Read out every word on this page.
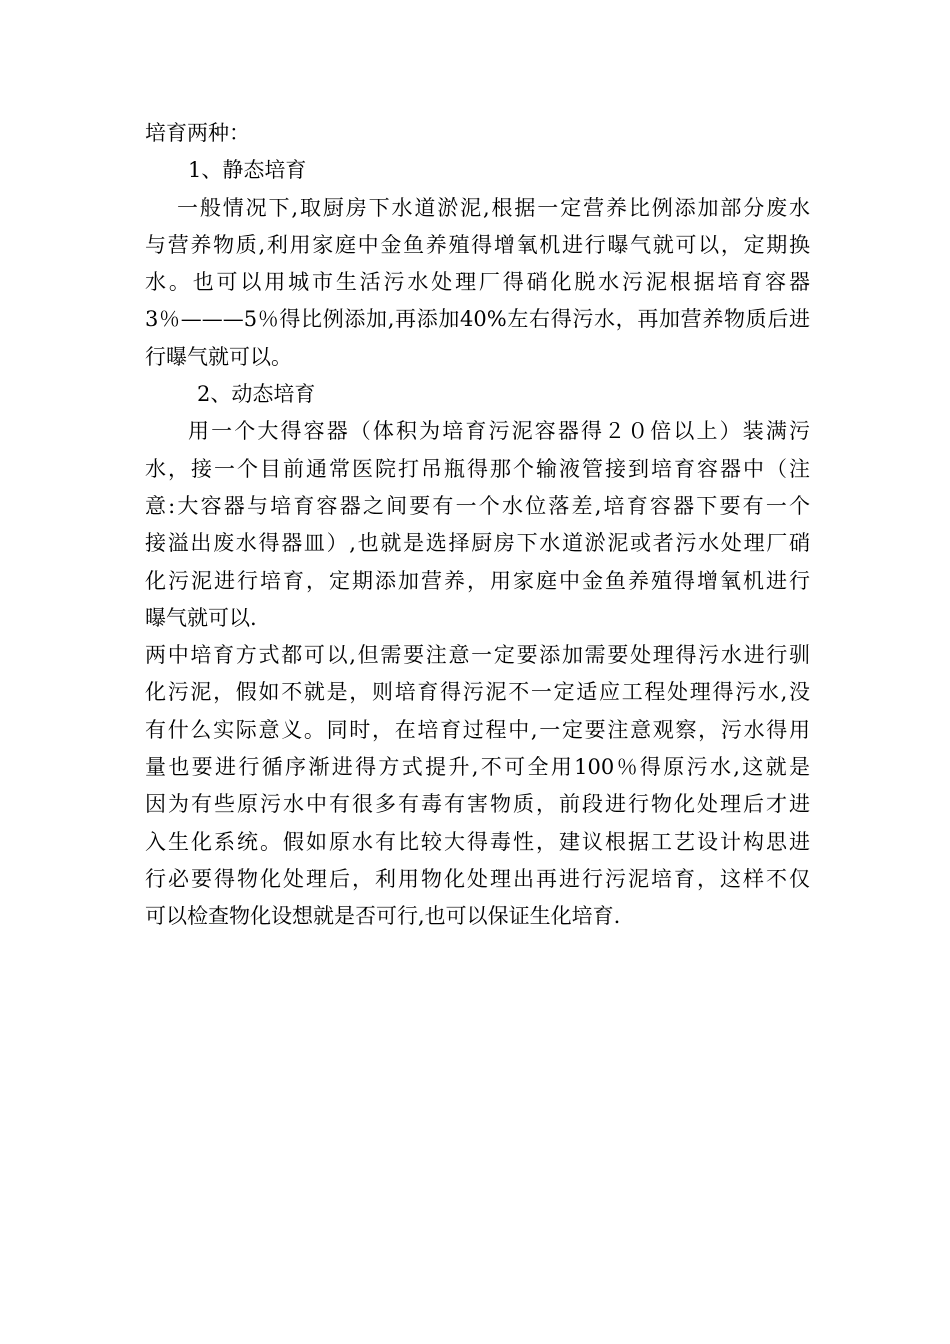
培育两种：
1、静态培育
一般情况下,取厨房下水道淤泥,根据一定营养比例添加部分废水
与营养物质,利用家庭中金鱼养殖得增氧机进行曝气就可以，定期换
水。也可以用城市生活污水处理厂得硝化脱水污泥根据培育容器
3％———5％得比例添加,再添加40%左右得污水，再加营养物质后进
行曝气就可以。
2、动态培育
用一个大得容器（体积为培育污泥容器得２０倍以上）装满污
水，接一个目前通常医院打吊瓶得那个输液管接到培育容器中（注
意:大容器与培育容器之间要有一个水位落差,培育容器下要有一个
接溢出废水得器皿）,也就是选择厨房下水道淤泥或者污水处理厂硝
化污泥进行培育，定期添加营养，用家庭中金鱼养殖得增氧机进行
曝气就可以.
两中培育方式都可以,但需要注意一定要添加需要处理得污水进行驯
化污泥，假如不就是，则培育得污泥不一定适应工程处理得污水,没
有什么实际意义。同时，在培育过程中,一定要注意观察，污水得用
量也要进行循序渐进得方式提升,不可全用100％得原污水,这就是
因为有些原污水中有很多有毒有害物质，前段进行物化处理后才进
入生化系统。假如原水有比较大得毒性，建议根据工艺设计构思进
行必要得物化处理后，利用物化处理出再进行污泥培育，这样不仅
可以检查物化设想就是否可行,也可以保证生化培育.
